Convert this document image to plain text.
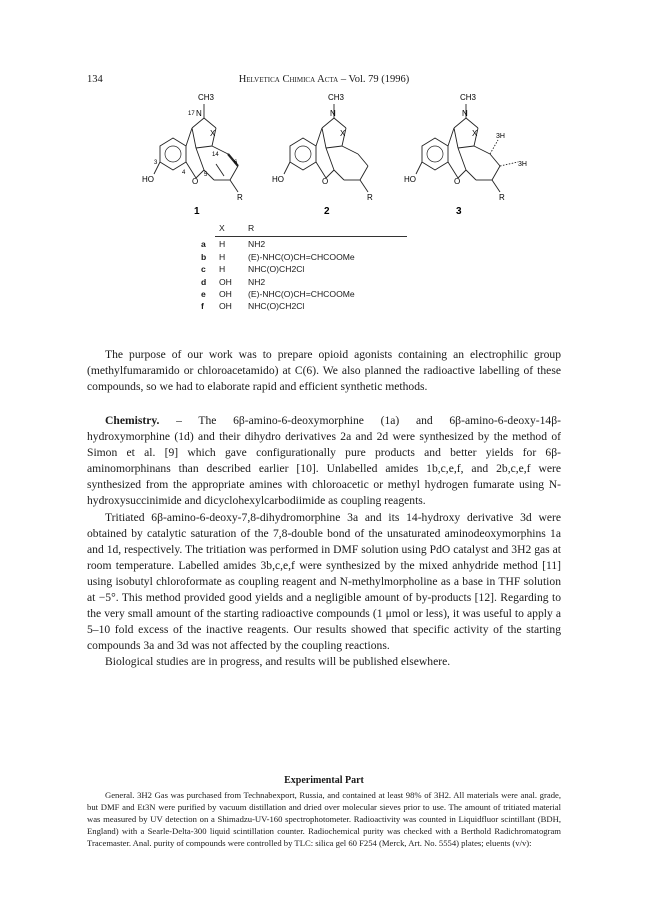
134	Helvetica Chimica Acta – Vol. 79 (1996)
CH3
N
17
X
14
6
5
4
3
O
HO
R
1
CH3
N
X
O
HO
R
2
CH3
N
X	3H
3H
O
HO
R
3
X	R
a H	NH2
b H	(E)-NHC(O)CH=CHCOOMe
c H	NHC(O)CH2Cl
d OH NH2
e OH (E)-NHC(O)CH=CHCOOMe
f OH NHC(O)CH2Cl

The purpose of our work was to prepare opioid agonists containing an electrophilic group (methylfumaramido or chloroacetamido) at C(6). We also planned the radioactive labelling of these compounds, so we had to elaborate rapid and efficient synthetic methods.

Chemistry. – The 6β-amino-6-deoxymorphine (1a) and 6β-amino-6-deoxy-14β-hydroxymorphine (1d) and their dihydro derivatives 2a and 2d were synthesized by the method of Simon et al. [9] which gave configurationally pure products and better yields for 6β-aminomorphinans than described earlier [10]. Unlabelled amides 1b,c,e,f, and 2b,c,e,f were synthesized from the appropriate amines with chloroacetic or methyl hydrogen fumarate using N-hydroxysuccinimide and dicyclohexylcarbodiimide as coupling reagents.

Tritiated 6β-amino-6-deoxy-7,8-dihydromorphine 3a and its 14-hydroxy derivative 3d were obtained by catalytic saturation of the 7,8-double bond of the unsaturated aminodeoxymorphins 1a and 1d, respectively. The tritiation was performed in DMF solution using PdO catalyst and 3H2 gas at room temperature. Labelled amides 3b,c,e,f were synthesized by the mixed anhydride method [11] using isobutyl chloroformate as coupling reagent and N-methylmorpholine as a base in THF solution at −5°. This method provided good yields and a negligible amount of by-products [12]. Regarding to the very small amount of the starting radioactive compounds (1 μmol or less), it was useful to apply a 5–10 fold excess of the inactive reagents. Our results showed that specific activity of the starting compounds 3a and 3d was not affected by the coupling reactions.

Biological studies are in progress, and results will be published elsewhere.

Experimental Part

General. 3H2 Gas was purchased from Technabexport, Russia, and contained at least 98% of 3H2. All materials were anal. grade, but DMF and Et3N were purified by vacuum distillation and dried over molecular sieves prior to use. The amount of tritiated material was measured by UV detection on a Shimadzu-UV-160 spectrophotometer. Radioactivity was counted in Liquidfluor scintillant (BDH, England) with a Searle-Delta-300 liquid scintillation counter. Radiochemical purity was checked with a Berthold Radichromatogram Tracemaster. Anal. purity of compounds were controlled by TLC: silica gel 60 F254 (Merck, Art. No. 5554) plates; eluents (v/v):
